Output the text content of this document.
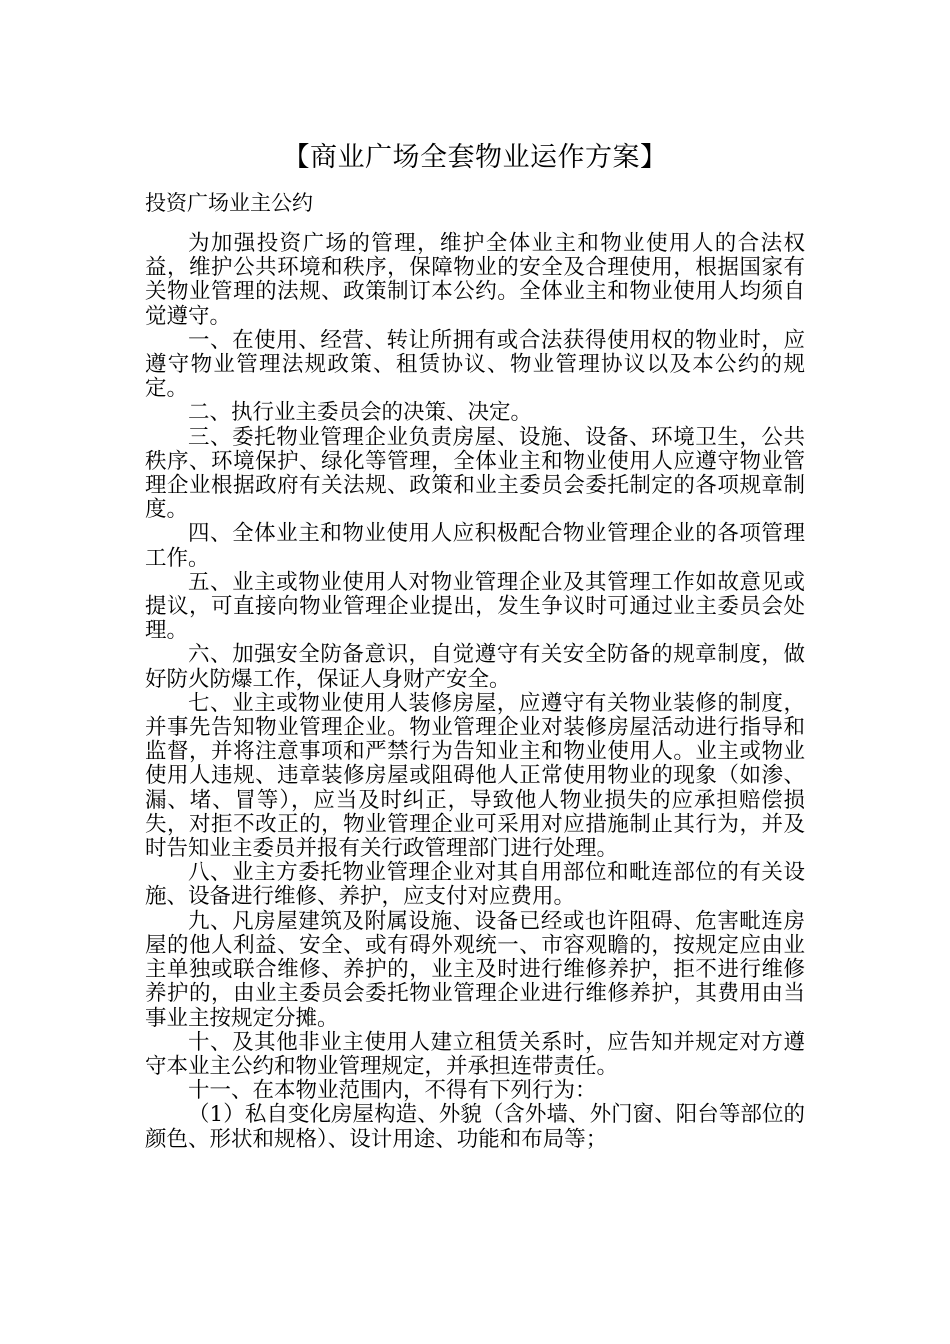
【商业广场全套物业运作方案】
投资广场业主公约

为加强投资广场的管理，维护全体业主和物业使用人的合法权益，维护公共环境和秩序，保障物业的安全及合理使用，根据国家有关物业管理的法规、政策制订本公约。全体业主和物业使用人均须自觉遵守。

一、在使用、经营、转让所拥有或合法获得使用权的物业时，应遵守物业管理法规政策、租赁协议、物业管理协议以及本公约的规定。

二、执行业主委员会的决策、决定。

三、委托物业管理企业负责房屋、设施、设备、环境卫生，公共秩序、环境保护、绿化等管理，全体业主和物业使用人应遵守物业管理企业根据政府有关法规、政策和业主委员会委托制定的各项规章制度。

四、全体业主和物业使用人应积极配合物业管理企业的各项管理工作。

五、业主或物业使用人对物业管理企业及其管理工作如故意见或提议，可直接向物业管理企业提出，发生争议时可通过业主委员会处理。

六、加强安全防备意识，自觉遵守有关安全防备的规章制度，做好防火防爆工作，保证人身财产安全。

七、业主或物业使用人装修房屋，应遵守有关物业装修的制度，并事先告知物业管理企业。物业管理企业对装修房屋活动进行指导和监督，并将注意事项和严禁行为告知业主和物业使用人。业主或物业使用人违规、违章装修房屋或阻碍他人正常使用物业的现象（如渗、漏、堵、冒等），应当及时纠正，导致他人物业损失的应承担赔偿损失，对拒不改正的，物业管理企业可采用对应措施制止其行为，并及时告知业主委员并报有关行政管理部门进行处理。

八、业主方委托物业管理企业对其自用部位和毗连部位的有关设施、设备进行维修、养护，应支付对应费用。

九、凡房屋建筑及附属设施、设备已经或也许阻碍、危害毗连房屋的他人利益、安全、或有碍外观统一、市容观瞻的，按规定应由业主单独或联合维修、养护的，业主及时进行维修养护，拒不进行维修养护的，由业主委员会委托物业管理企业进行维修养护，其费用由当事业主按规定分摊。

十、及其他非业主使用人建立租赁关系时，应告知并规定对方遵守本业主公约和物业管理规定，并承担连带责任。

十一、在本物业范围内，不得有下列行为：

（1）私自变化房屋构造、外貌（含外墙、外门窗、阳台等部位的颜色、形状和规格）、设计用途、功能和布局等；
